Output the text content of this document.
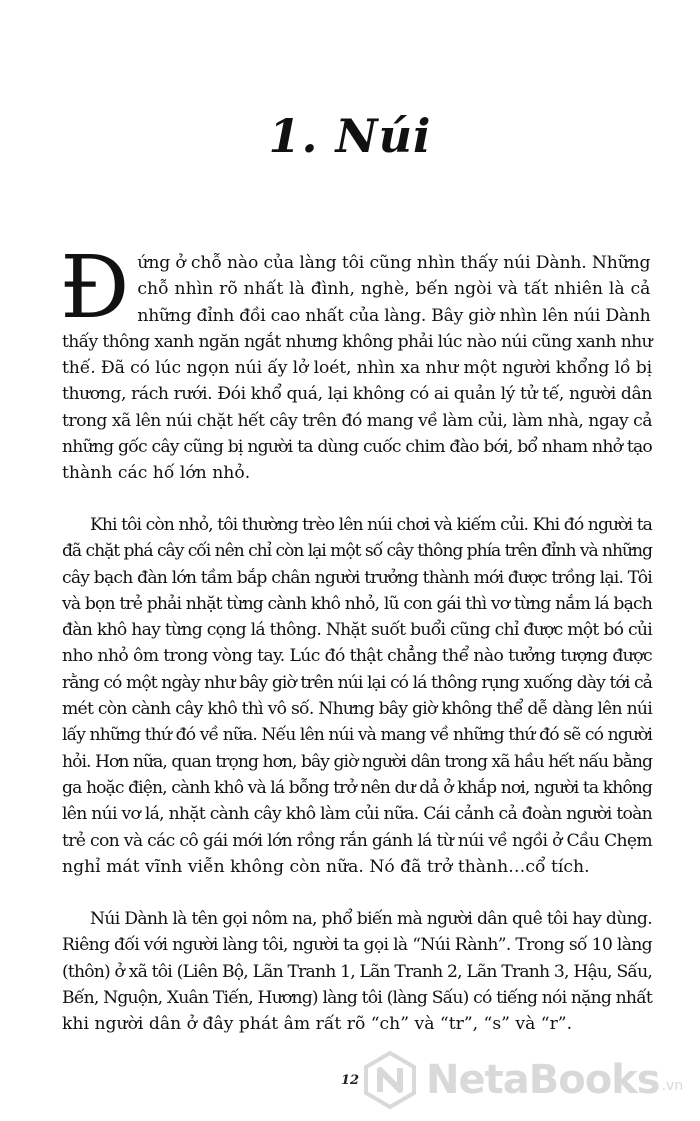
1. Núi
Đ ứng ở chỗ nào của làng tôi cũng nhìn thấy núi Dành. Những
chỗ nhìn rõ nhất là đình, nghè, bến ngòi và tất nhiên là cả
những đỉnh đồi cao nhất của làng. Bây giờ nhìn lên núi Dành
thấy thông xanh ngăn ngắt nhưng không phải lúc nào núi cũng xanh như
thế. Đã có lúc ngọn núi ấy lở loét, nhìn xa như một người khổng lồ bị
thương, rách rưới. Đói khổ quá, lại không có ai quản lý tử tế, người dân
trong xã lên núi chặt hết cây trên đó mang về làm củi, làm nhà, ngay cả
những gốc cây cũng bị người ta dùng cuốc chim đào bới, bổ nham nhở tạo
thành các hố lớn nhỏ.
Khi tôi còn nhỏ, tôi thường trèo lên núi chơi và kiếm củi. Khi đó người ta
đã chặt phá cây cối nên chỉ còn lại một số cây thông phía trên đỉnh và những
cây bạch đàn lớn tầm bắp chân người trưởng thành mới được trồng lại. Tôi
và bọn trẻ phải nhặt từng cành khô nhỏ, lũ con gái thì vơ từng nắm lá bạch
đàn khô hay từng cọng lá thông. Nhặt suốt buổi cũng chỉ được một bó củi
nho nhỏ ôm trong vòng tay. Lúc đó thật chẳng thể nào tưởng tượng được
rằng có một ngày như bây giờ trên núi lại có lá thông rụng xuống dày tới cả
mét còn cành cây khô thì vô số. Nhưng bây giờ không thể dễ dàng lên núi
lấy những thứ đó về nữa. Nếu lên núi và mang về những thứ đó sẽ có người
hỏi. Hơn nữa, quan trọng hơn, bây giờ người dân trong xã hầu hết nấu bằng
ga hoặc điện, cành khô và lá bỗng trở nên dư dả ở khắp nơi, người ta không
lên núi vơ lá, nhặt cành cây khô làm củi nữa. Cái cảnh cả đoàn người toàn
trẻ con và các cô gái mới lớn rồng rắn gánh lá từ núi về ngồi ở Cầu Chẹm
nghỉ mát vĩnh viễn không còn nữa. Nó đã trở thành…cổ tích.
Núi Dành là tên gọi nôm na, phổ biến mà người dân quê tôi hay dùng.
Riêng đối với người làng tôi, người ta gọi là “Núi Rành”. Trong số 10 làng
(thôn) ở xã tôi (Liên Bộ, Lãn Tranh 1, Lãn Tranh 2, Lãn Tranh 3, Hậu, Sấu,
Bến, Nguộn, Xuân Tiến, Hương) làng tôi (làng Sấu) có tiếng nói nặng nhất
khi người dân ở đây phát âm rất rõ “ch” và “tr”, “s” và “r”.
12	NetaBooks .vn
